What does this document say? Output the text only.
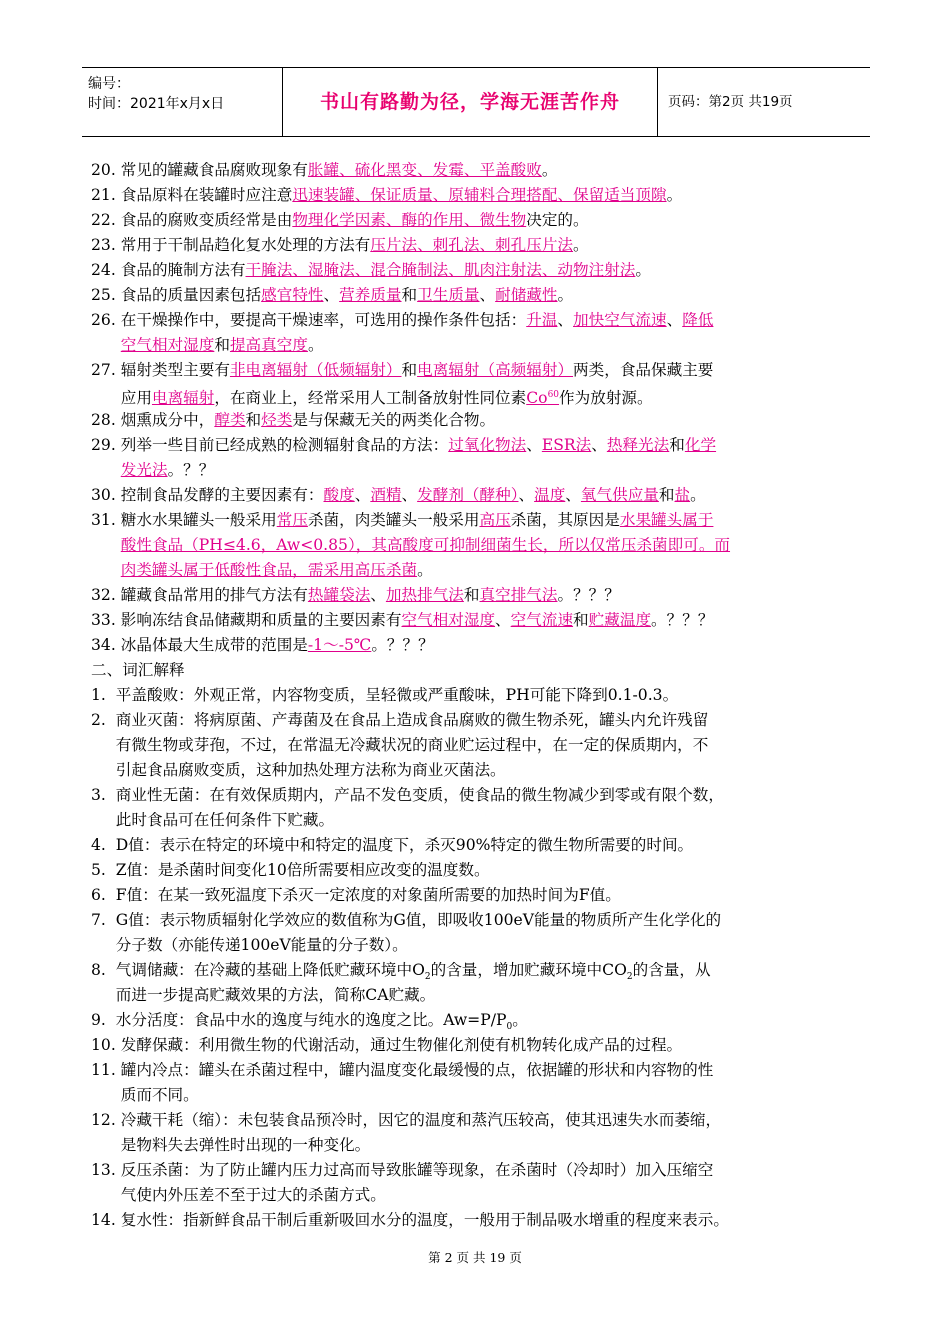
编号：
时间：2021年x月x日	书山有路勤为径，学海无涯苦作舟	页码：第2页 共19页
20. 常见的罐藏食品腐败现象有胀罐、硫化黑变、发霉、平盖酸败。
21. 食品原料在装罐时应注意迅速装罐、保证质量、原辅料合理搭配、保留适当顶隙。
22. 食品的腐败变质经常是由物理化学因素、酶的作用、微生物决定的。
23. 常用于干制品趋化复水处理的方法有压片法、刺孔法、刺孔压片法。
24. 食品的腌制方法有干腌法、湿腌法、混合腌制法、肌肉注射法、动物注射法。
25. 食品的质量因素包括感官特性、营养质量和卫生质量、耐储藏性。
26. 在干燥操作中，要提高干燥速率，可选用的操作条件包括：升温、加快空气流速、降低
空气相对湿度和提高真空度。
27. 辐射类型主要有非电离辐射（低频辐射）和电离辐射（高频辐射）两类，食品保藏主要
应用电离辐射，在商业上，经常采用人工制备放射性同位素Co$^{60}$作为放射源。
28. 烟熏成分中，醇类和烃类是与保藏无关的两类化合物。
29. 列举一些目前已经成熟的检测辐射食品的方法：过氧化物法、ESR法、热释光法和化学
发光法。？？
30. 控制食品发酵的主要因素有：酸度、酒精、发酵剂（酵种）、温度、氧气供应量和盐。
31. 糖水水果罐头一般采用常压杀菌，肉类罐头一般采用高压杀菌，其原因是水果罐头属于
酸性食品（PH≤4.6，Aw<0.85），其高酸度可抑制细菌生长，所以仅常压杀菌即可。而
肉类罐头属于低酸性食品，需采用高压杀菌。
32. 罐藏食品常用的排气方法有热罐袋法、加热排气法和真空排气法。？？？
33. 影响冻结食品储藏期和质量的主要因素有空气相对湿度、空气流速和贮藏温度。？？？
34. 冰晶体最大生成带的范围是-1～-5℃。？？？
二、词汇解释
1. 平盖酸败：外观正常，内容物变质，呈轻微或严重酸味，PH可能下降到0.1-0.3。
2. 商业灭菌：将病原菌、产毒菌及在食品上造成食品腐败的微生物杀死，罐头内允许残留
有微生物或芽孢，不过，在常温无冷藏状况的商业贮运过程中，在一定的保质期内，不
引起食品腐败变质，这种加热处理方法称为商业灭菌法。
3. 商业性无菌：在有效保质期内，产品不发色变质，使食品的微生物减少到零或有限个数，
此时食品可在任何条件下贮藏。
4. D值：表示在特定的环境中和特定的温度下，杀灭90%特定的微生物所需要的时间。
5. Z值：是杀菌时间变化10倍所需要相应改变的温度数。
6. F值：在某一致死温度下杀灭一定浓度的对象菌所需要的加热时间为F值。
7. G值：表示物质辐射化学效应的数值称为G值，即吸收100eV能量的物质所产生化学化的
分子数（亦能传递100eV能量的分子数）。
8. 气调储藏：在冷藏的基础上降低贮藏环境中$O_2$的含量，增加贮藏环境中$CO_2$的含量，从
而进一步提高贮藏效果的方法，简称CA贮藏。
9. 水分活度：食品中水的逸度与纯水的逸度之比。$Aw=P/P_0$。
10. 发酵保藏：利用微生物的代谢活动，通过生物催化剂使有机物转化成产品的过程。
11. 罐内冷点：罐头在杀菌过程中，罐内温度变化最缓慢的点，依据罐的形状和内容物的性
质而不同。
12. 冷藏干耗（缩）：未包装食品预冷时，因它的温度和蒸汽压较高，使其迅速失水而萎缩，
是物料失去弹性时出现的一种变化。
13. 反压杀菌：为了防止罐内压力过高而导致胀罐等现象，在杀菌时（冷却时）加入压缩空
气使内外压差不至于过大的杀菌方式。
14. 复水性：指新鲜食品干制后重新吸回水分的温度，一般用于制品吸水增重的程度来表示。
第 2 页 共 19 页
